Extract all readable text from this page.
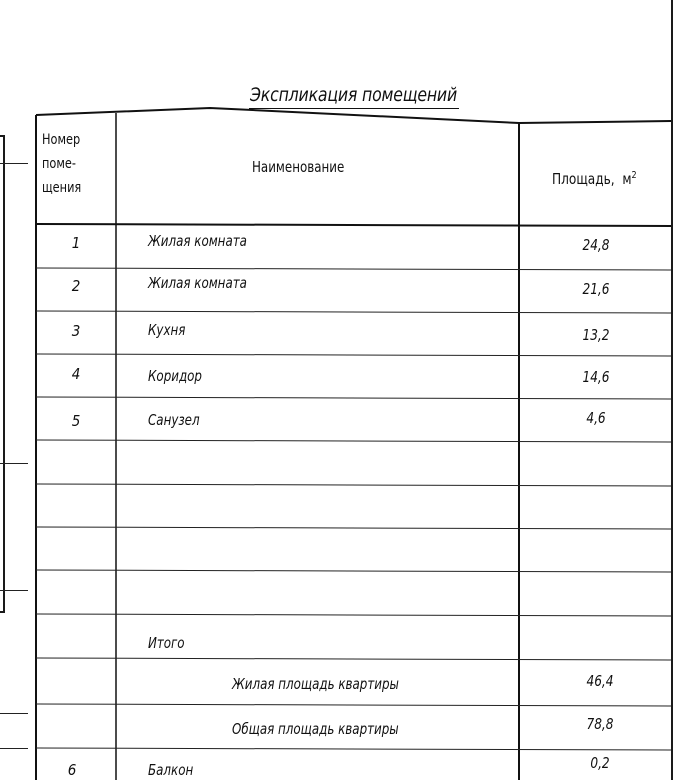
Экспликация помещений
Номер
поме-
щения
Наименование
Площадь, $м^2$
1	Жилая комната	24,8
2	Жилая комната	21,6
3	Кухня	13,2
4	Коридор	14,6
5	Санузел	4,6
Итого
Жилая площадь квартиры	46,4
Общая площадь квартиры	78,8
6	Балкон	0,2
